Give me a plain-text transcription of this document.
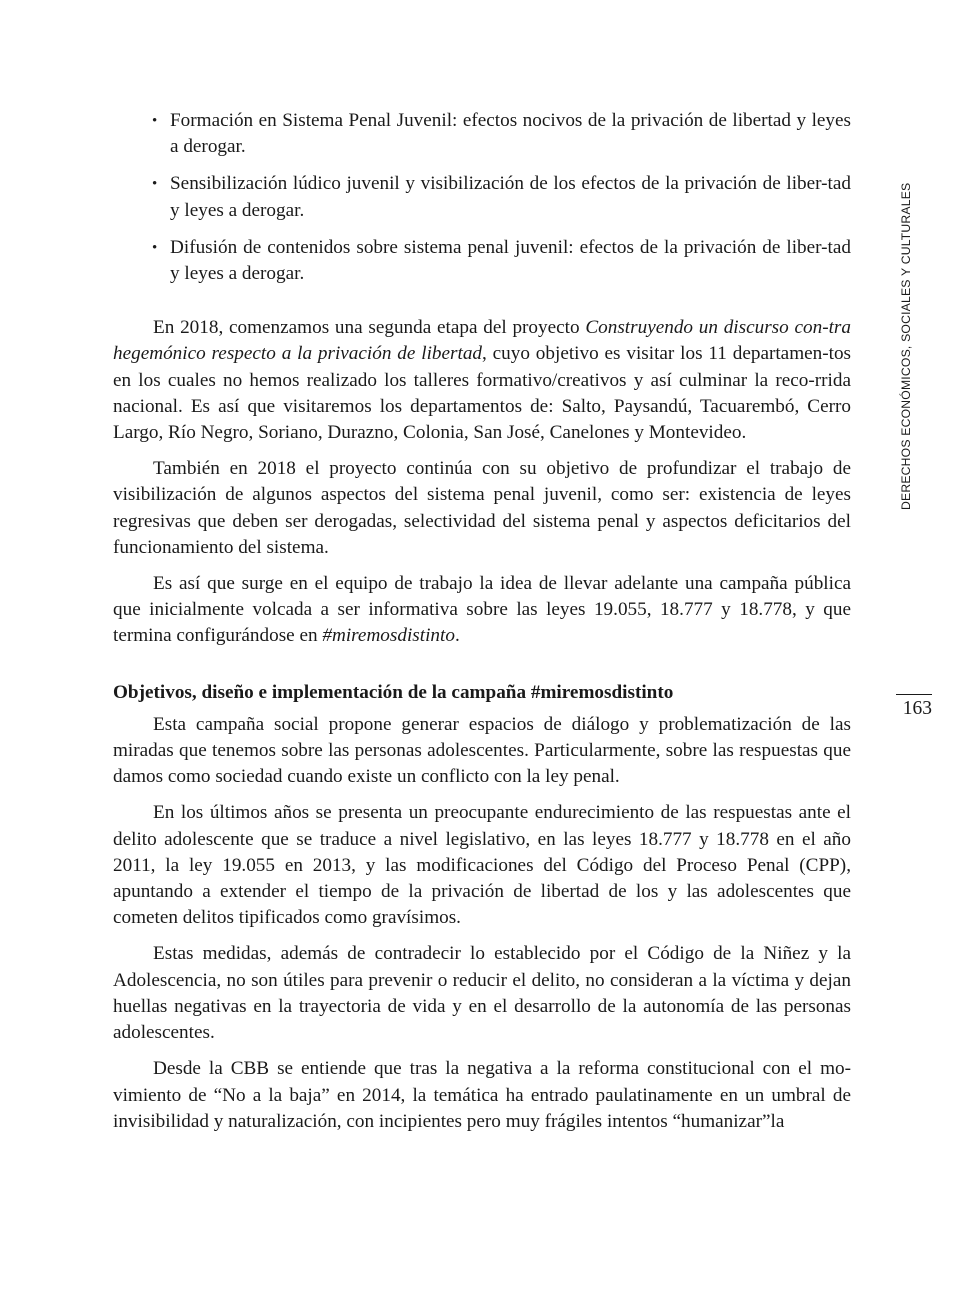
• Formación en Sistema Penal Juvenil: efectos nocivos de la privación de libertad y leyes a derogar.
• Sensibilización lúdico juvenil y visibilización de los efectos de la privación de liber-tad y leyes a derogar.
• Difusión de contenidos sobre sistema penal juvenil: efectos de la privación de liber-tad y leyes a derogar.

En 2018, comenzamos una segunda etapa del proyecto Construyendo un discurso con-tra hegemónico respecto a la privación de libertad, cuyo objetivo es visitar los 11 departamen-tos en los cuales no hemos realizado los talleres formativo/creativos y así culminar la reco-rrida nacional. Es así que visitaremos los departamentos de: Salto, Paysandú, Tacuarembó, Cerro Largo, Río Negro, Soriano, Durazno, Colonia, San José, Canelones y Montevideo.

También en 2018 el proyecto continúa con su objetivo de profundizar el trabajo de visibilización de algunos aspectos del sistema penal juvenil, como ser: existencia de leyes regresivas que deben ser derogadas, selectividad del sistema penal y aspectos deficitarios del funcionamiento del sistema.

Es así que surge en el equipo de trabajo la idea de llevar adelante una campaña pública que inicialmente volcada a ser informativa sobre las leyes 19.055, 18.777 y 18.778, y que termina configurándose en #miremosdistinto.

Objetivos, diseño e implementación de la campaña #miremosdistinto

Esta campaña social propone generar espacios de diálogo y problematización de las miradas que tenemos sobre las personas adolescentes. Particularmente, sobre las respuestas que damos como sociedad cuando existe un conflicto con la ley penal.

En los últimos años se presenta un preocupante endurecimiento de las respuestas ante el delito adolescente que se traduce a nivel legislativo, en las leyes 18.777 y 18.778 en el año 2011, la ley 19.055 en 2013, y las modificaciones del Código del Proceso Penal (CPP), apuntando a extender el tiempo de la privación de libertad de los y las adolescentes que cometen delitos tipificados como gravísimos.

Estas medidas, además de contradecir lo establecido por el Código de la Niñez y la Adolescencia, no son útiles para prevenir o reducir el delito, no consideran a la víctima y dejan huellas negativas en la trayectoria de vida y en el desarrollo de la autonomía de las personas adolescentes.

Desde la CBB se entiende que tras la negativa a la reforma constitucional con el mo-vimiento de “No a la baja” en 2014, la temática ha entrado paulatinamente en un umbral de invisibilidad y naturalización, con incipientes pero muy frágiles intentos “humanizar”la

DERECHOS ECONÓMICOS, SOCIALES Y CULTURALES
163
